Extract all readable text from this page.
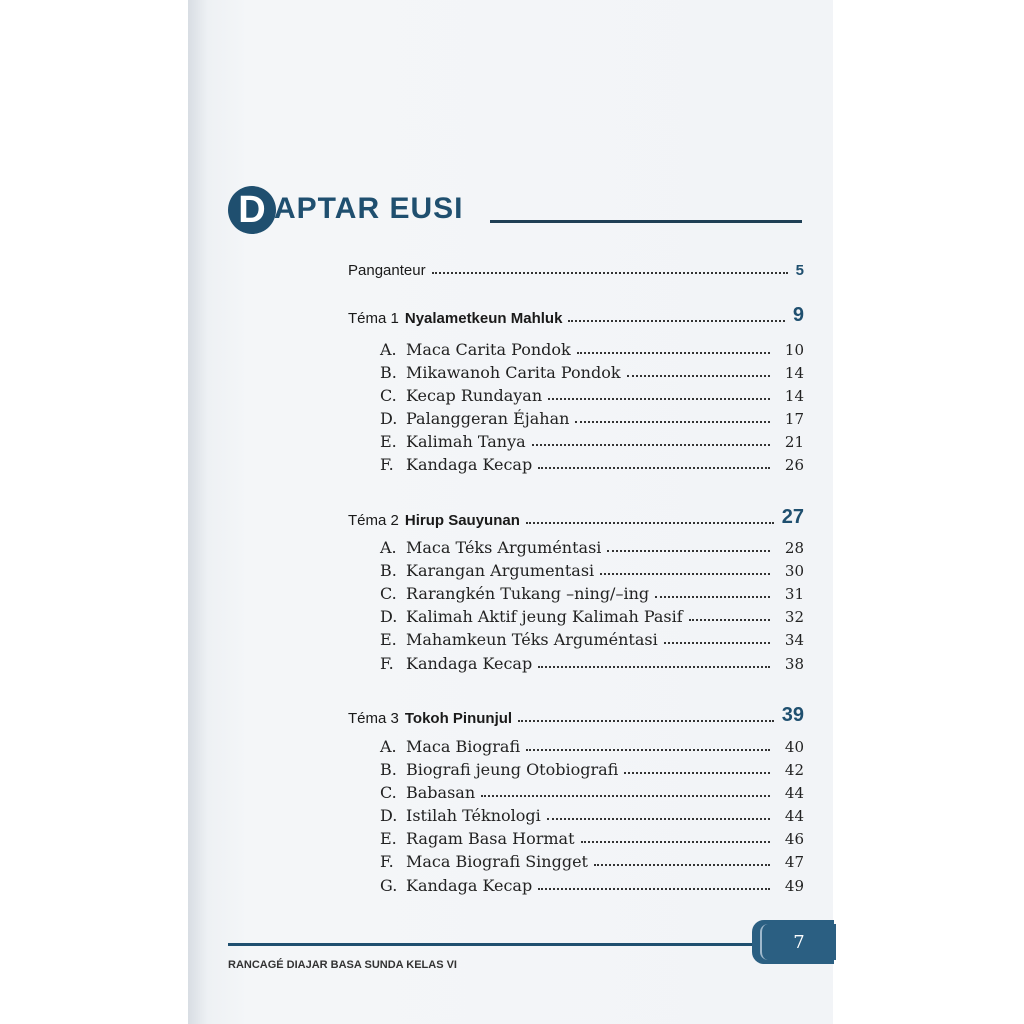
D APTAR EUSI
Panganteur	5
Téma 1 Nyalametkeun Mahluk	9
A. Maca Carita Pondok	10
B. Mikawanoh Carita Pondok	14
C. Kecap Rundayan	14
D. Palanggeran Éjahan	17
E. Kalimah Tanya	21
F. Kandaga Kecap	26
Téma 2 Hirup Sauyunan	27
A. Maca Téks Arguméntasi	28
B. Karangan Argumentasi	30
C. Rarangkén Tukang –ning/–ing	31
D. Kalimah Aktif jeung Kalimah Pasif	32
E. Mahamkeun Téks Arguméntasi	34
F. Kandaga Kecap	38
Téma 3 Tokoh Pinunjul	39
A. Maca Biografi	40
B. Biografi jeung Otobiografi	42
C. Babasan	44
D. Istilah Téknologi	44
E. Ragam Basa Hormat	46
F. Maca Biografi Singget	47
G. Kandaga Kecap	49
7
RANCAGÉ DIAJAR BASA SUNDA KELAS VI
